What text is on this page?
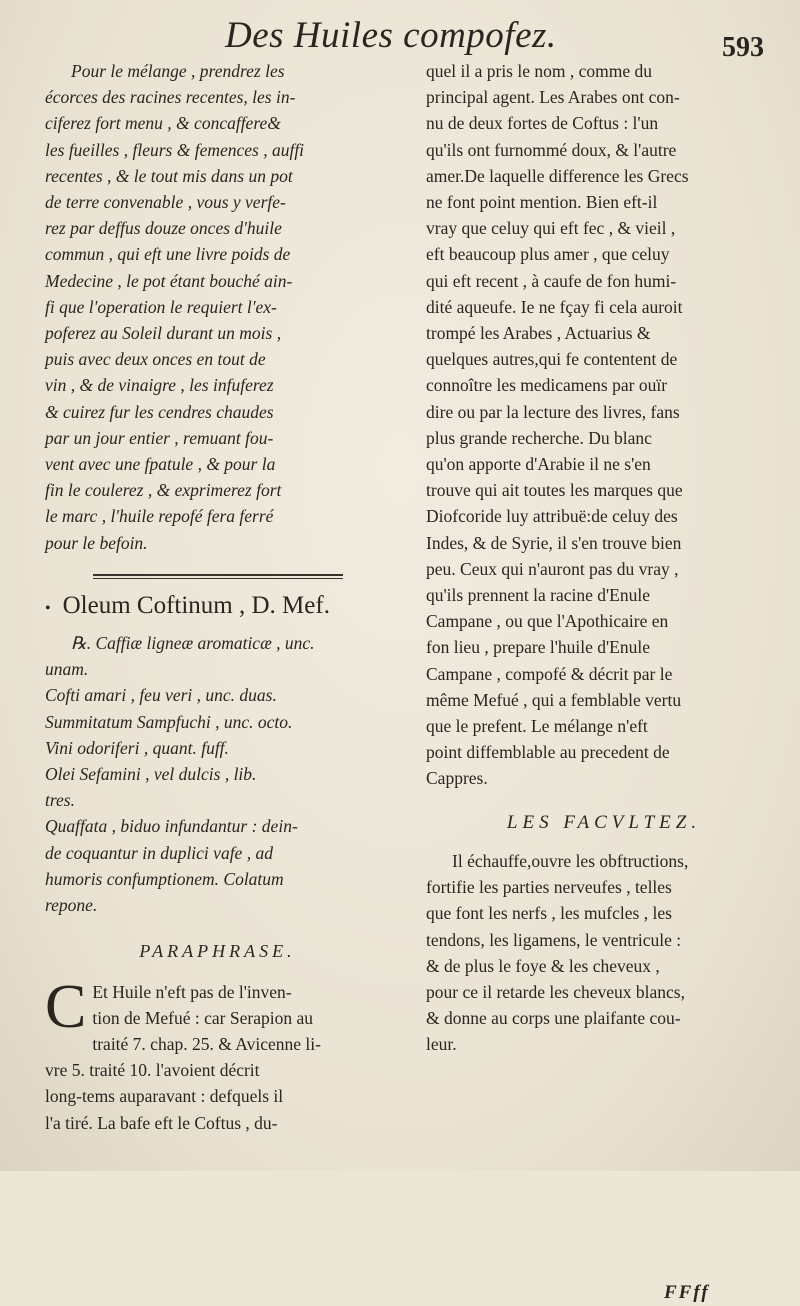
Des Huiles compofez.	593

Pour le mélange , prendrez les

écorces des racines recentes, les in-

ciferez fort menu , & concaffere&

les fueilles , fleurs & femences , auffi

recentes , & le tout mis dans un pot

de terre convenable , vous y verfe-

rez par deffus douze onces d'huile

commun , qui eft une livre poids de

Medecine , le pot étant bouché ain-

fi que l'operation le requiert l'ex-

poferez au Soleil durant un mois ,

puis avec deux onces en tout de

vin , & de vinaigre , les infuferez

& cuirez fur les cendres chaudes

par un jour entier , remuant fou-

vent avec une fpatule , & pour la

fin le coulerez , & exprimerez fort

le marc , l'huile repofé fera ferré

pour le befoin.

• Oleum Coftinum , D. Mef.

℞. Caffiæ ligneæ aromaticæ , unc.

unam.

Cofti amari , feu veri , unc. duas.

Summitatum Sampfuchi , unc. octo.

Vini odoriferi , quant. fuff.

Olei Sefamini , vel dulcis , lib.

tres.

Quaffata , biduo infundantur : dein-

de coquantur in duplici vafe , ad

humoris confumptionem. Colatum

repone.

PARAPHRASE.
C Et Huile n'eft pas de l'inven-

tion de Mefué : car Serapion au

traité 7. chap. 25. & Avicenne li-

vre 5. traité 10. l'avoient décrit

long-tems auparavant : defquels il

l'a tiré. La bafe eft le Coftus , du-

quel il a pris le nom , comme du

principal agent. Les Arabes ont con-

nu de deux fortes de Coftus : l'un

qu'ils ont furnommé doux, & l'autre

amer.De laquelle difference les Grecs

ne font point mention. Bien eft-il

vray que celuy qui eft fec , & vieil ,

eft beaucoup plus amer , que celuy

qui eft recent , à caufe de fon humi-

dité aqueufe. Ie ne fçay fi cela auroit

trompé les Arabes , Actuarius &

quelques autres,qui fe contentent de

connoître les medicamens par ouïr

dire ou par la lecture des livres, fans

plus grande recherche. Du blanc

qu'on apporte d'Arabie il ne s'en

trouve qui ait toutes les marques que

Diofcoride luy attribuë:de celuy des

Indes, & de Syrie, il s'en trouve bien

peu. Ceux qui n'auront pas du vray ,

qu'ils prennent la racine d'Enule

Campane , ou que l'Apothicaire en

fon lieu , prepare l'huile d'Enule

Campane , compofé & décrit par le

même Mefué , qui a femblable vertu

que le prefent. Le mélange n'eft

point diffemblable au precedent de

Cappres.

LES FACVLTEZ.

Il échauffe,ouvre les obftructions,

fortifie les parties nerveufes , telles

que font les nerfs , les mufcles , les

tendons, les ligamens, le ventricule :

& de plus le foye & les cheveux ,

pour ce il retarde les cheveux blancs,

& donne au corps une plaifante cou-

leur.

FFff
